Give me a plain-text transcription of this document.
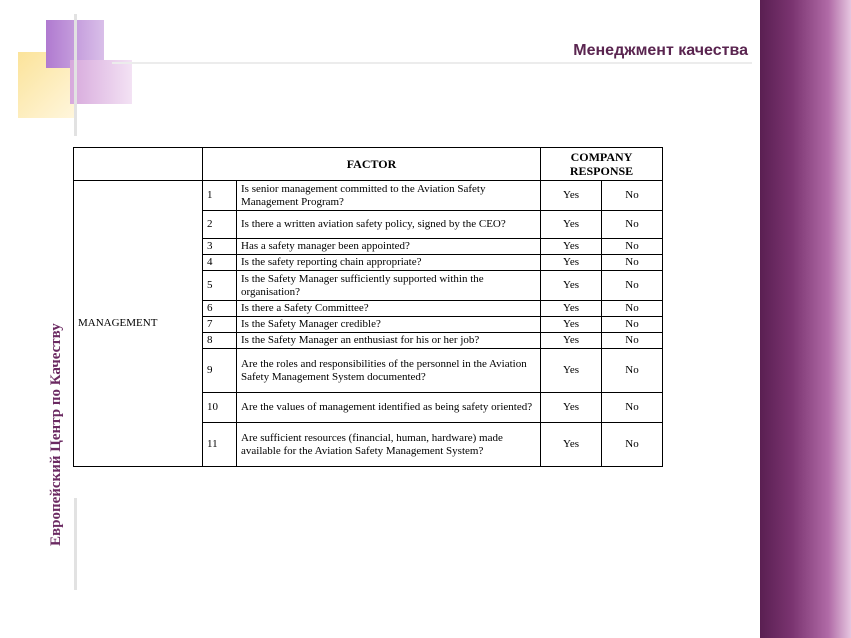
Менеджмент качества
Европейский Центр по Качеству
	FACTOR		COMPANY
RESPONSE	
MANAGEMENT	1	Is senior management committed to the Aviation Safety Management Program?	Yes	No
	2	Is there a written aviation safety policy, signed by the CEO?	Yes	No
	3	Has a safety manager been appointed?	Yes	No
	4	Is the safety reporting chain appropriate?	Yes	No
	5	Is the Safety Manager sufficiently supported within the organisation?	Yes	No
	6	Is there a Safety Committee?	Yes	No
	7	Is the Safety Manager credible?	Yes	No
	8	Is the Safety Manager an enthusiast for his or her job?	Yes	No
	9	Are the roles and responsibilities of the personnel in the Aviation Safety Management System documented?	Yes	No
	10	Are the values of management identified as being safety oriented?	Yes	No
	11	Are sufficient resources (financial, human, hardware) made available for the Aviation Safety Management System?	Yes	No
